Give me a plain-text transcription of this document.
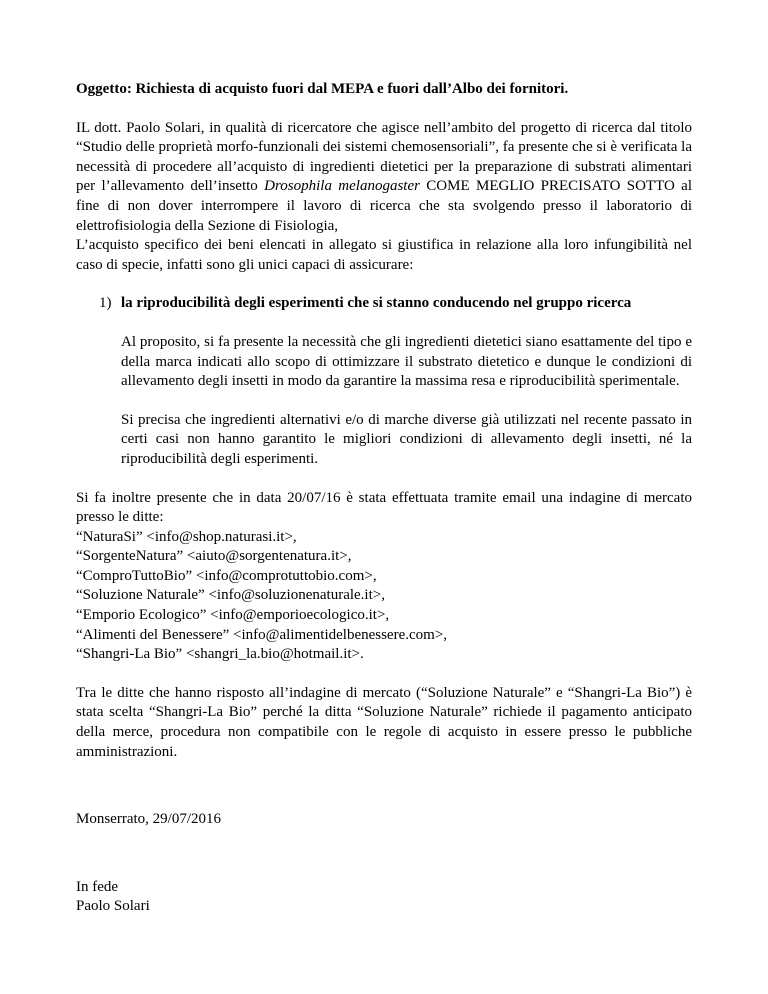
Oggetto: Richiesta di acquisto fuori dal MEPA e fuori dall’Albo dei fornitori.

IL dott. Paolo Solari, in qualità di ricercatore che agisce nell’ambito del progetto di ricerca dal titolo “Studio delle proprietà morfo-funzionali dei sistemi chemosensoriali”, fa presente che si è verificata la necessità di procedere all’acquisto di ingredienti dietetici per la preparazione di substrati alimentari per l’allevamento dell’insetto Drosophila melanogaster COME MEGLIO PRECISATO SOTTO al fine di non dover interrompere il lavoro di ricerca che sta svolgendo presso il laboratorio di elettrofisiologia della Sezione di Fisiologia,

L’acquisto specifico dei beni elencati in allegato si giustifica in relazione alla loro infungibilità nel caso di specie, infatti sono gli unici capaci di assicurare:

1) la riproducibilità degli esperimenti che si stanno conducendo nel gruppo ricerca

Al proposito, si fa presente la necessità che gli ingredienti dietetici siano esattamente del tipo e della marca indicati allo scopo di ottimizzare il substrato dietetico e dunque le condizioni di allevamento degli insetti in modo da garantire la massima resa e riproducibilità sperimentale.

Si precisa che ingredienti alternativi e/o di marche diverse già utilizzati nel recente passato in certi casi non hanno garantito le migliori condizioni di allevamento degli insetti, né la riproducibilità degli esperimenti.

Si fa inoltre presente che in data 20/07/16 è stata effettuata tramite email una indagine di mercato presso le ditte:

“NaturaSi” <info@shop.naturasi.it>,
“SorgenteNatura” <aiuto@sorgentenatura.it>,
“ComproTuttoBio” <info@comprotuttobio.com>,
“Soluzione Naturale” <info@soluzionenaturale.it>,
“Emporio Ecologico” <info@emporioecologico.it>,
“Alimenti del Benessere” <info@alimentidelbenessere.com>,
“Shangri-La Bio” <shangri_la.bio@hotmail.it>.

Tra le ditte che hanno risposto all’indagine di mercato (“Soluzione Naturale” e “Shangri-La Bio”) è stata scelta “Shangri-La Bio” perché la ditta “Soluzione Naturale” richiede il pagamento anticipato della merce, procedura non compatibile con le regole di acquisto in essere presso le pubbliche amministrazioni.

Monserrato, 29/07/2016

In fede

Paolo Solari
